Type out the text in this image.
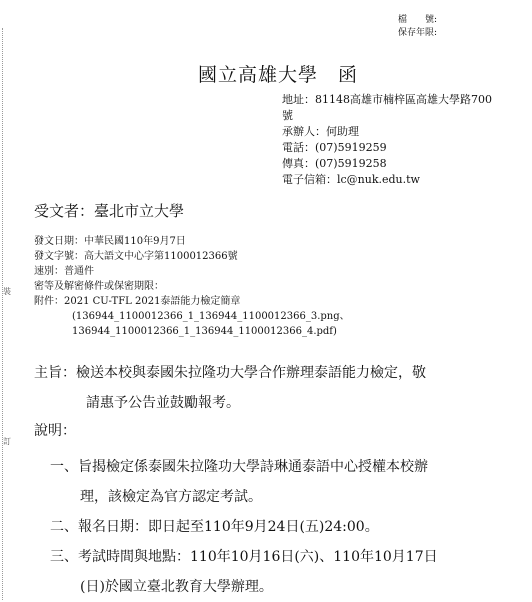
裝
訂
檔　　號:
保存年限:
國立高雄大學　函
地址：81148高雄市楠梓區高雄大學路700
號
承辦人：何助理
電話：(07)5919259
傳真：(07)5919258
電子信箱：lc@nuk.edu.tw
受文者：臺北市立大學
發文日期：中華民國110年9月7日
發文字號：高大語文中心字第1100012366號
速別：普通件
密等及解密條件或保密期限：
附件：2021 CU-TFL 2021泰語能力檢定簡章
(136944_1100012366_1_136944_1100012366_3.png、
136944_1100012366_1_136944_1100012366_4.pdf)
主旨：檢送本校與泰國朱拉隆功大學合作辦理泰語能力檢定，敬
請惠予公告並鼓勵報考。
說明：
一、旨揭檢定係泰國朱拉隆功大學詩琳通泰語中心授權本校辦
理，該檢定為官方認定考試。
二、報名日期：即日起至110年9月24日(五)24:00。
三、考試時間與地點：110年10月16日(六)、110年10月17日
(日)於國立臺北教育大學辦理。
